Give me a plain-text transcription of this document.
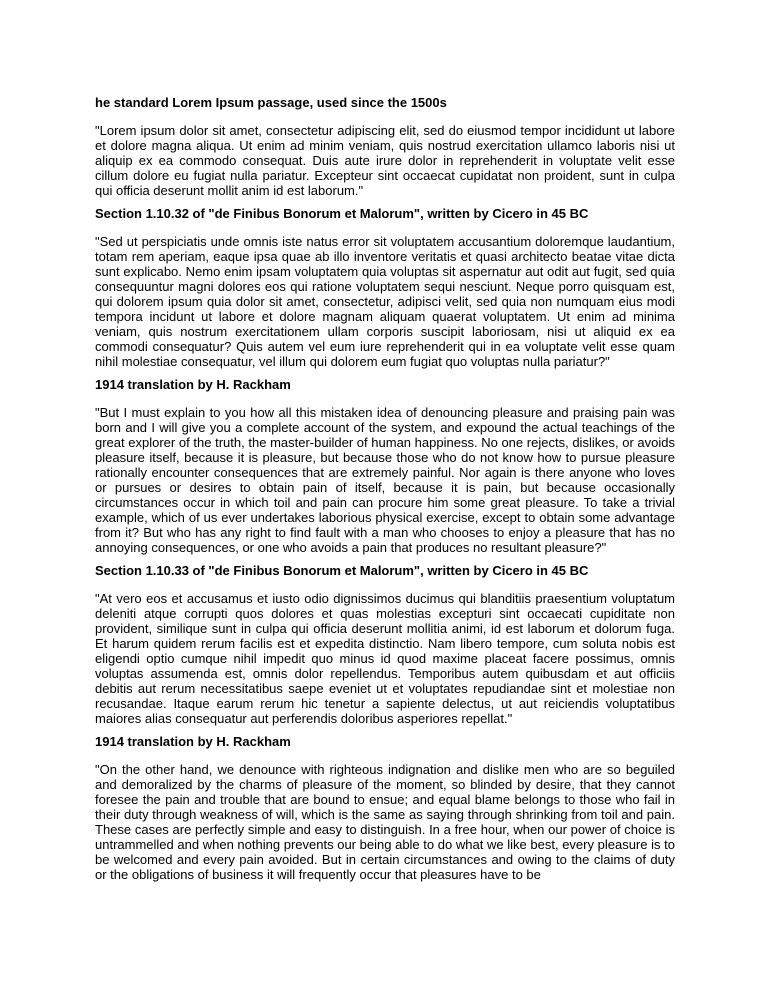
he standard Lorem Ipsum passage, used since the 1500s

"Lorem ipsum dolor sit amet, consectetur adipiscing elit, sed do eiusmod tempor incididunt ut labore et dolore magna aliqua. Ut enim ad minim veniam, quis nostrud exercitation ullamco laboris nisi ut aliquip ex ea commodo consequat. Duis aute irure dolor in reprehenderit in voluptate velit esse cillum dolore eu fugiat nulla pariatur. Excepteur sint occaecat cupidatat non proident, sunt in culpa qui officia deserunt mollit anim id est laborum."

Section 1.10.32 of "de Finibus Bonorum et Malorum", written by Cicero in 45 BC

"Sed ut perspiciatis unde omnis iste natus error sit voluptatem accusantium doloremque laudantium, totam rem aperiam, eaque ipsa quae ab illo inventore veritatis et quasi architecto beatae vitae dicta sunt explicabo. Nemo enim ipsam voluptatem quia voluptas sit aspernatur aut odit aut fugit, sed quia consequuntur magni dolores eos qui ratione voluptatem sequi nesciunt. Neque porro quisquam est, qui dolorem ipsum quia dolor sit amet, consectetur, adipisci velit, sed quia non numquam eius modi tempora incidunt ut labore et dolore magnam aliquam quaerat voluptatem. Ut enim ad minima veniam, quis nostrum exercitationem ullam corporis suscipit laboriosam, nisi ut aliquid ex ea commodi consequatur? Quis autem vel eum iure reprehenderit qui in ea voluptate velit esse quam nihil molestiae consequatur, vel illum qui dolorem eum fugiat quo voluptas nulla pariatur?"

1914 translation by H. Rackham

"But I must explain to you how all this mistaken idea of denouncing pleasure and praising pain was born and I will give you a complete account of the system, and expound the actual teachings of the great explorer of the truth, the master-builder of human happiness. No one rejects, dislikes, or avoids pleasure itself, because it is pleasure, but because those who do not know how to pursue pleasure rationally encounter consequences that are extremely painful. Nor again is there anyone who loves or pursues or desires to obtain pain of itself, because it is pain, but because occasionally circumstances occur in which toil and pain can procure him some great pleasure. To take a trivial example, which of us ever undertakes laborious physical exercise, except to obtain some advantage from it? But who has any right to find fault with a man who chooses to enjoy a pleasure that has no annoying consequences, or one who avoids a pain that produces no resultant pleasure?"

Section 1.10.33 of "de Finibus Bonorum et Malorum", written by Cicero in 45 BC

"At vero eos et accusamus et iusto odio dignissimos ducimus qui blanditiis praesentium voluptatum deleniti atque corrupti quos dolores et quas molestias excepturi sint occaecati cupiditate non provident, similique sunt in culpa qui officia deserunt mollitia animi, id est laborum et dolorum fuga. Et harum quidem rerum facilis est et expedita distinctio. Nam libero tempore, cum soluta nobis est eligendi optio cumque nihil impedit quo minus id quod maxime placeat facere possimus, omnis voluptas assumenda est, omnis dolor repellendus. Temporibus autem quibusdam et aut officiis debitis aut rerum necessitatibus saepe eveniet ut et voluptates repudiandae sint et molestiae non recusandae. Itaque earum rerum hic tenetur a sapiente delectus, ut aut reiciendis voluptatibus maiores alias consequatur aut perferendis doloribus asperiores repellat."

1914 translation by H. Rackham

"On the other hand, we denounce with righteous indignation and dislike men who are so beguiled and demoralized by the charms of pleasure of the moment, so blinded by desire, that they cannot foresee the pain and trouble that are bound to ensue; and equal blame belongs to those who fail in their duty through weakness of will, which is the same as saying through shrinking from toil and pain. These cases are perfectly simple and easy to distinguish. In a free hour, when our power of choice is untrammelled and when nothing prevents our being able to do what we like best, every pleasure is to be welcomed and every pain avoided. But in certain circumstances and owing to the claims of duty or the obligations of business it will frequently occur that pleasures have to be
